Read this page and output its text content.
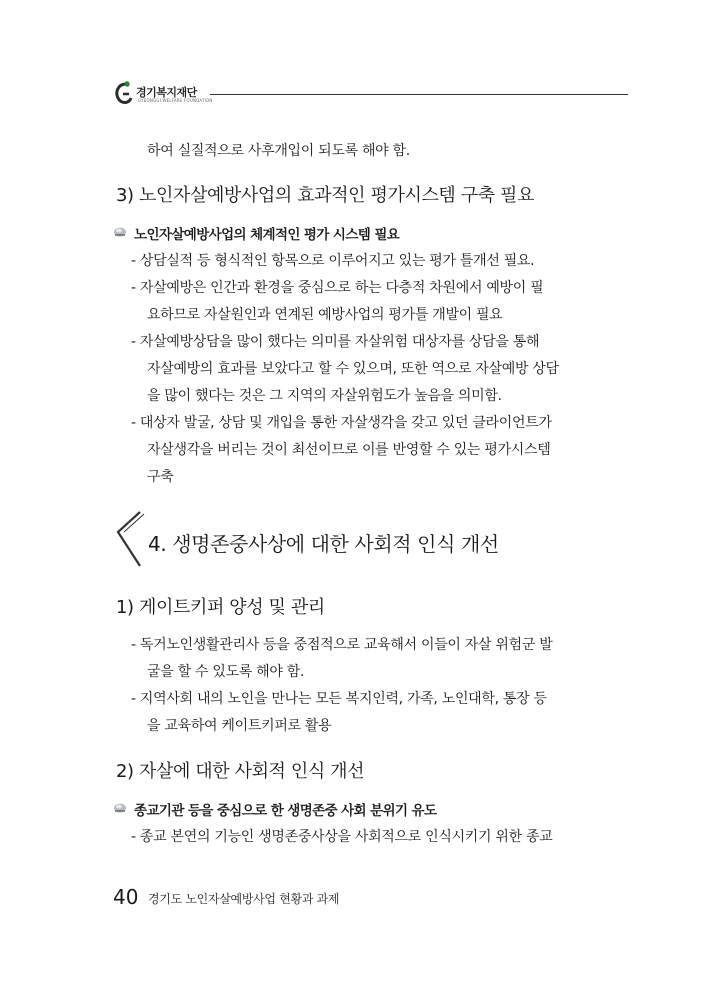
경기복지재단
GYEONGGI WELFARE FOUNDATION
하여 실질적으로 사후개입이 되도록 해야 함.
3) 노인자살예방사업의 효과적인 평가시스템 구축 필요
노인자살예방사업의 체계적인 평가 시스템 필요
- 상담실적 등 형식적인 항목으로 이루어지고 있는 평가 틀개선 필요.
- 자살예방은 인간과 환경을 중심으로 하는 다층적 차원에서 예방이 필
요하므로 자살원인과 연계된 예방사업의 평가틀 개발이 필요
- 자살예방상담을 많이 했다는 의미를 자살위험 대상자를 상담을 통해
자살예방의 효과를 보았다고 할 수 있으며, 또한 역으로 자살예방 상담
을 많이 했다는 것은 그 지역의 자살위험도가 높음을 의미함.
- 대상자 발굴, 상담 및 개입을 통한 자살생각을 갖고 있던 클라이언트가
자살생각을 버리는 것이 최선이므로 이를 반영할 수 있는 평가시스템
구축
4. 생명존중사상에 대한 사회적 인식 개선
1) 게이트키퍼 양성 및 관리
- 독거노인생활관리사 등을 중점적으로 교육해서 이들이 자살 위험군 발
굴을 할 수 있도록 해야 함.
- 지역사회 내의 노인을 만나는 모든 복지인력, 가족, 노인대학, 통장 등
을 교육하여 케이트키퍼로 활용
2) 자살에 대한 사회적 인식 개선
종교기관 등을 중심으로 한 생명존중 사회 분위기 유도
- 종교 본연의 기능인 생명존중사상을 사회적으로 인식시키기 위한 종교
40 경기도 노인자살예방사업 현황과 과제
